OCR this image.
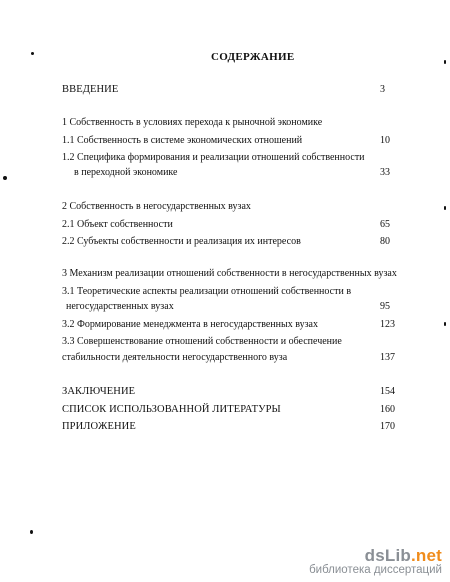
СОДЕРЖАНИЕ
ВВЕДЕНИЕ	3
1 Собственность в условиях перехода к рыночной экономике
1.1 Собственность в системе экономических отношений	10
1.2 Специфика формирования и реализации отношений собственности
в переходной экономике	33
2 Собственность в негосударственных вузах
2.1 Объект собственности	65
2.2 Субъекты собственности и реализация их интересов	80
3 Механизм реализации отношений собственности в негосударственных вузах
3.1 Теоретические аспекты реализации отношений собственности в
негосударственных вузах	95
3.2 Формирование менеджмента в негосударственных вузах	123
3.3 Совершенствование отношений собственности и обеспечение
стабильности деятельности негосударственного вуза	137
ЗАКЛЮЧЕНИЕ	154
СПИСОК ИСПОЛЬЗОВАННОЙ ЛИТЕРАТУРЫ	160
ПРИЛОЖЕНИЕ	170
dsLib.net
библиотека диссертаций
